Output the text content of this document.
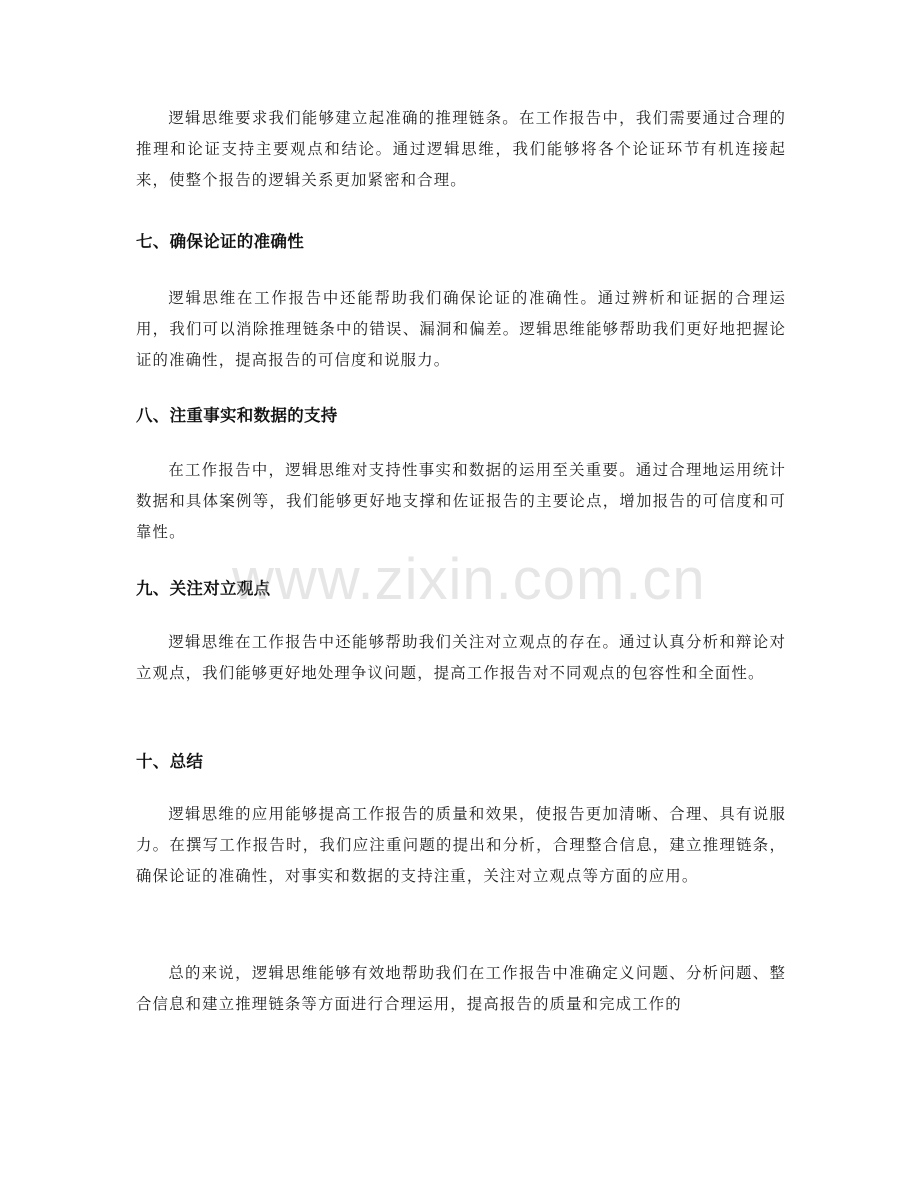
逻辑思维要求我们能够建立起准确的推理链条。在工作报告中，我们需要通过合理的推理和论证支持主要观点和结论。通过逻辑思维，我们能够将各个论证环节有机连接起来，使整个报告的逻辑关系更加紧密和合理。

七、确保论证的准确性

逻辑思维在工作报告中还能帮助我们确保论证的准确性。通过辨析和证据的合理运用，我们可以消除推理链条中的错误、漏洞和偏差。逻辑思维能够帮助我们更好地把握论证的准确性，提高报告的可信度和说服力。

八、注重事实和数据的支持

在工作报告中，逻辑思维对支持性事实和数据的运用至关重要。通过合理地运用统计数据和具体案例等，我们能够更好地支撑和佐证报告的主要论点，增加报告的可信度和可靠性。

九、关注对立观点

逻辑思维在工作报告中还能够帮助我们关注对立观点的存在。通过认真分析和辩论对立观点，我们能够更好地处理争议问题，提高工作报告对不同观点的包容性和全面性。

十、总结

逻辑思维的应用能够提高工作报告的质量和效果，使报告更加清晰、合理、具有说服力。在撰写工作报告时，我们应注重问题的提出和分析，合理整合信息，建立推理链条，确保论证的准确性，对事实和数据的支持注重，关注对立观点等方面的应用。

总的来说，逻辑思维能够有效地帮助我们在工作报告中准确定义问题、分析问题、整合信息和建立推理链条等方面进行合理运用，提高报告的质量和完成工作的

www.zixin.com.cn
